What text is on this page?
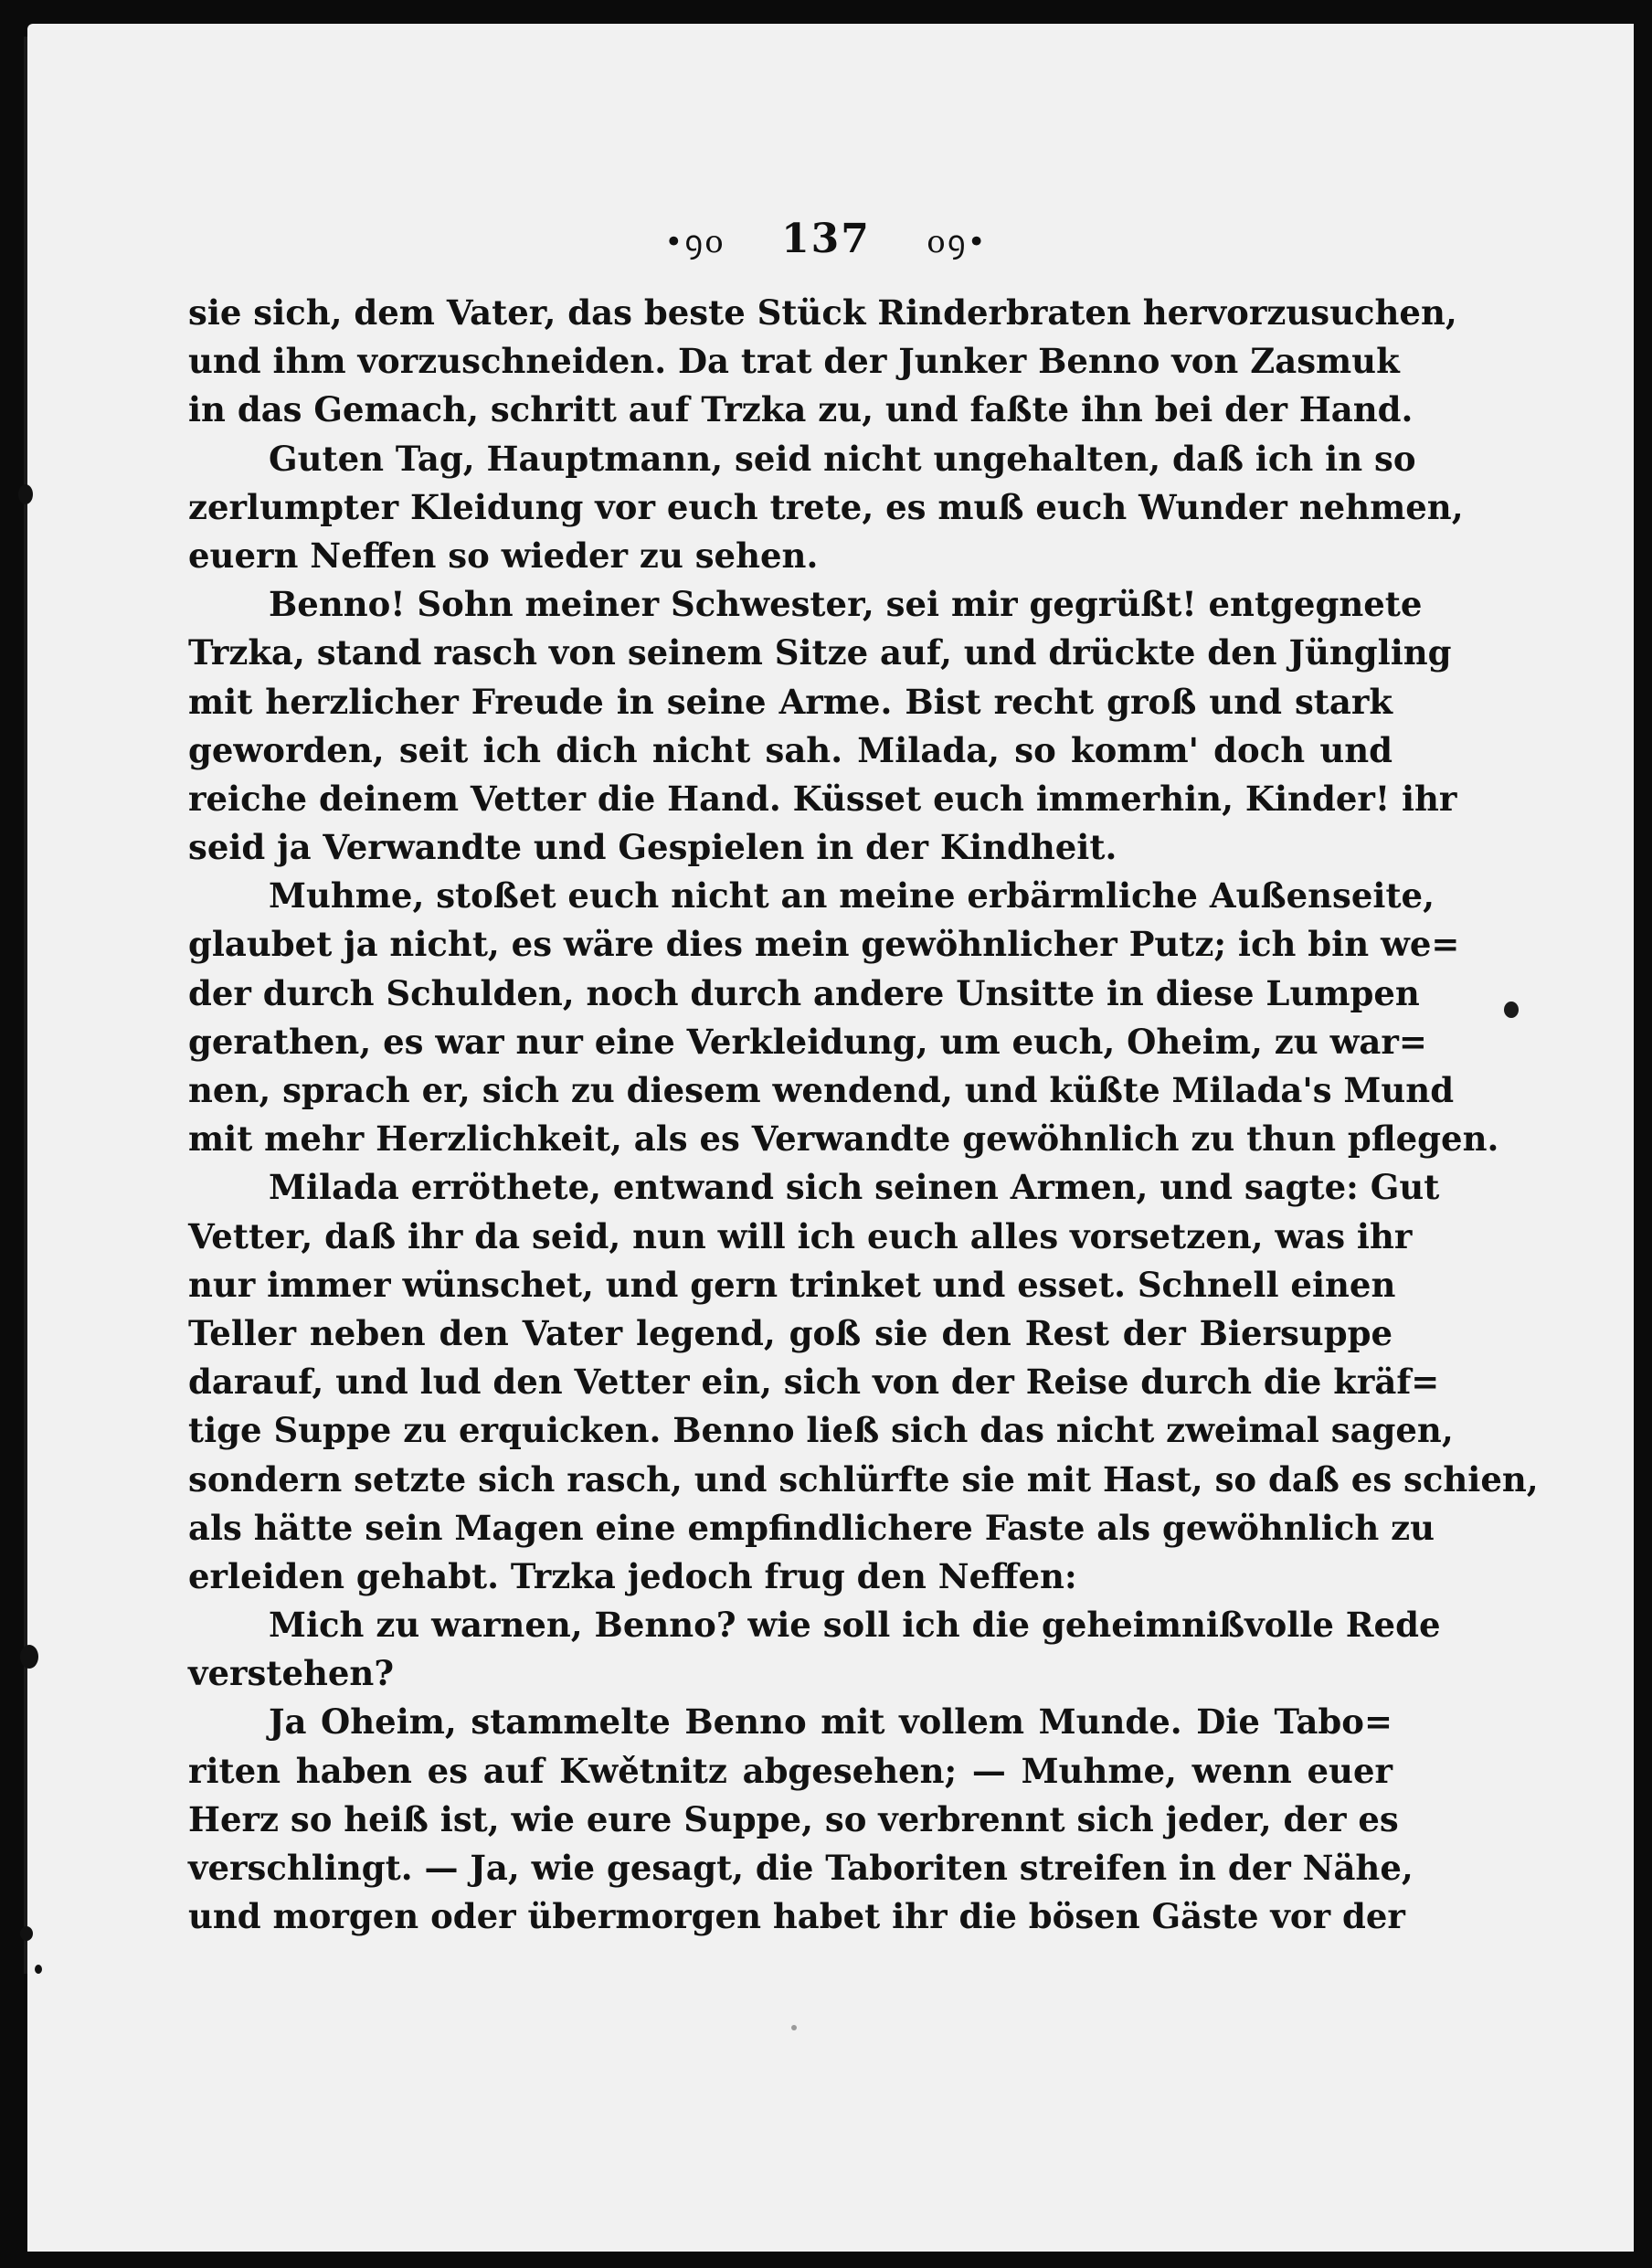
•ꝯo 137 oꝯ•
sie sich, dem Vater, das beste Stück Rinderbraten hervorzusuchen,
und ihm vorzuschneiden. Da trat der Junker Benno von Zasmuk
in das Gemach, schritt auf Trzka zu, und faßte ihn bei der Hand.
Guten Tag, Hauptmann, seid nicht ungehalten, daß ich in so
zerlumpter Kleidung vor euch trete, es muß euch Wunder nehmen,
euern Neffen so wieder zu sehen.
Benno! Sohn meiner Schwester, sei mir gegrüßt! entgegnete
Trzka, stand rasch von seinem Sitze auf, und drückte den Jüngling
mit herzlicher Freude in seine Arme. Bist recht groß und stark
geworden, seit ich dich nicht sah. Milada, so komm' doch und
reiche deinem Vetter die Hand. Küsset euch immerhin, Kinder! ihr
seid ja Verwandte und Gespielen in der Kindheit.
Muhme, stoßet euch nicht an meine erbärmliche Außenseite,
glaubet ja nicht, es wäre dies mein gewöhnlicher Putz; ich bin we=
der durch Schulden, noch durch andere Unsitte in diese Lumpen
gerathen, es war nur eine Verkleidung, um euch, Oheim, zu war=
nen, sprach er, sich zu diesem wendend, und küßte Milada's Mund
mit mehr Herzlichkeit, als es Verwandte gewöhnlich zu thun pflegen.
Milada erröthete, entwand sich seinen Armen, und sagte: Gut
Vetter, daß ihr da seid, nun will ich euch alles vorsetzen, was ihr
nur immer wünschet, und gern trinket und esset. Schnell einen
Teller neben den Vater legend, goß sie den Rest der Biersuppe
darauf, und lud den Vetter ein, sich von der Reise durch die kräf=
tige Suppe zu erquicken. Benno ließ sich das nicht zweimal sagen,
sondern setzte sich rasch, und schlürfte sie mit Hast, so daß es schien,
als hätte sein Magen eine empfindlichere Faste als gewöhnlich zu
erleiden gehabt. Trzka jedoch frug den Neffen:
Mich zu warnen, Benno? wie soll ich die geheimnißvolle Rede
verstehen?
Ja Oheim, stammelte Benno mit vollem Munde. Die Tabo=
riten haben es auf Kwětnitz abgesehen; — Muhme, wenn euer
Herz so heiß ist, wie eure Suppe, so verbrennt sich jeder, der es
verschlingt. — Ja, wie gesagt, die Taboriten streifen in der Nähe,
und morgen oder übermorgen habet ihr die bösen Gäste vor der
